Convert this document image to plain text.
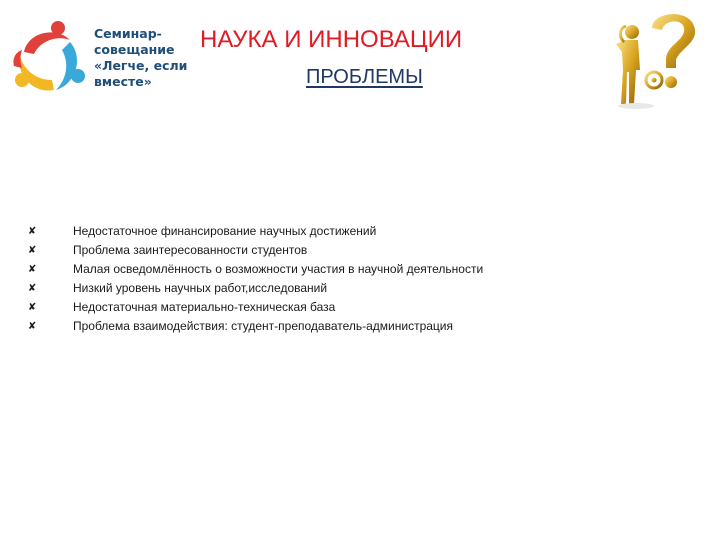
Семинар-
совещание
«Легче, если
вместе»
НАУКА И ИННОВАЦИИ
ПРОБЛЕМЫ
✘	Недостаточное финансирование научных достижений
✘	Проблема заинтересованности студентов
✘	Малая осведомлённость о возможности участия в научной деятельности
✘	Низкий уровень научных работ,исследований
✘	Недостаточная материально-техническая база
✘	Проблема взаимодействия: студент-преподаватель-администрация
